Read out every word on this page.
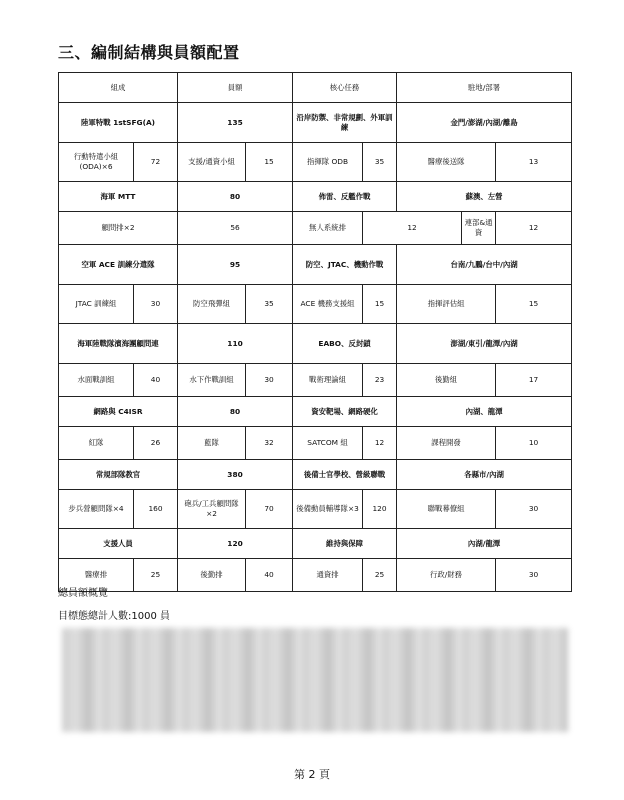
三、編制結構與員額配置
組成		員額		核心任務		駐地/部署		
陸軍特戰 1stSFG(A)		135		沿岸防禦、非常規劃、外軍訓練		金門/澎湖/內湖/離島		
行動特遣小組 (ODA)×6	72	支援/通資小組	15	指揮隊 ODB	35	醫療後送隊		13
海軍 MTT		80		佈雷、反艦作戰		蘇澳、左營		
顧問排×2		56		無人系統排	12		連部&通資	12
空軍 ACE 訓練分遣隊		95		防空、JTAC、機動作戰		台南/九鵬/台中/內湖		
JTAC 訓練組	30	防空飛彈組	35	ACE 機務支援組	15	指揮評估組		15
海軍陸戰隊濱海團顧問連		110		EABO、反封鎖		澎湖/東引/龍潭/內湖		
水面戰訓組	40	水下作戰訓組	30	戰術理論組	23	後勤組		17
網路與 C4ISR		80		資安靶場、網路硬化		內湖、龍潭		
紅隊	26	藍隊	32	SATCOM 組	12	課程開發		10
常規部隊教官		380		後備士官學校、營級聯戰		各縣市/內湖		
步兵營顧問隊×4	160	砲兵/工兵顧問隊×2	70	後備動員輔導隊×3	120	聯戰幕僚組		30
支援人員		120		維持與保障		內湖/龍潭		
醫療排	25	後勤排	40	通資排	25	行政/財務		30
總員額概覽
目標態總計人數:1000 員
第 2 頁
